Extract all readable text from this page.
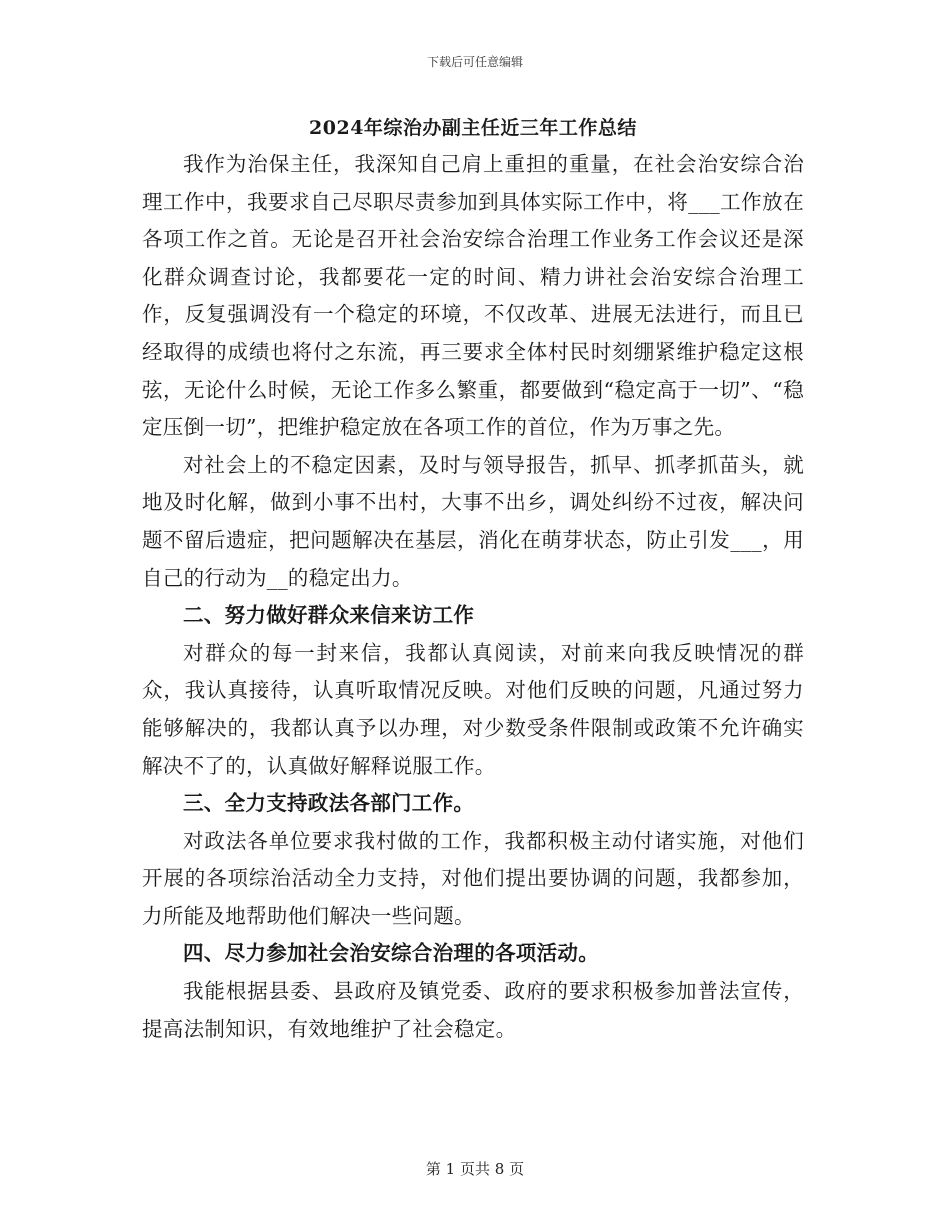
下载后可任意编辑
2024年综治办副主任近三年工作总结

我作为治保主任，我深知自己肩上重担的重量，在社会治安综合治理工作中，我要求自己尽职尽责参加到具体实际工作中，将___工作放在各项工作之首。无论是召开社会治安综合治理工作业务工作会议还是深化群众调查讨论，我都要花一定的时间、精力讲社会治安综合治理工作，反复强调没有一个稳定的环境，不仅改革、进展无法进行，而且已经取得的成绩也将付之东流，再三要求全体村民时刻绷紧维护稳定这根弦，无论什么时候，无论工作多么繁重，都要做到“稳定高于一切”、“稳定压倒一切”，把维护稳定放在各项工作的首位，作为万事之先。

对社会上的不稳定因素，及时与领导报告，抓早、抓孝抓苗头，就地及时化解，做到小事不出村，大事不出乡，调处纠纷不过夜，解决问题不留后遗症，把问题解决在基层，消化在萌芽状态，防止引发___，用自己的行动为__的稳定出力。

二、努力做好群众来信来访工作

对群众的每一封来信，我都认真阅读，对前来向我反映情况的群众，我认真接待，认真听取情况反映。对他们反映的问题，凡通过努力能够解决的，我都认真予以办理，对少数受条件限制或政策不允许确实解决不了的，认真做好解释说服工作。

三、全力支持政法各部门工作。

对政法各单位要求我村做的工作，我都积极主动付诸实施，对他们开展的各项综治活动全力支持，对他们提出要协调的问题，我都参加，力所能及地帮助他们解决一些问题。

四、尽力参加社会治安综合治理的各项活动。

我能根据县委、县政府及镇党委、政府的要求积极参加普法宣传，提高法制知识，有效地维护了社会稳定。

第 1 页共 8 页
